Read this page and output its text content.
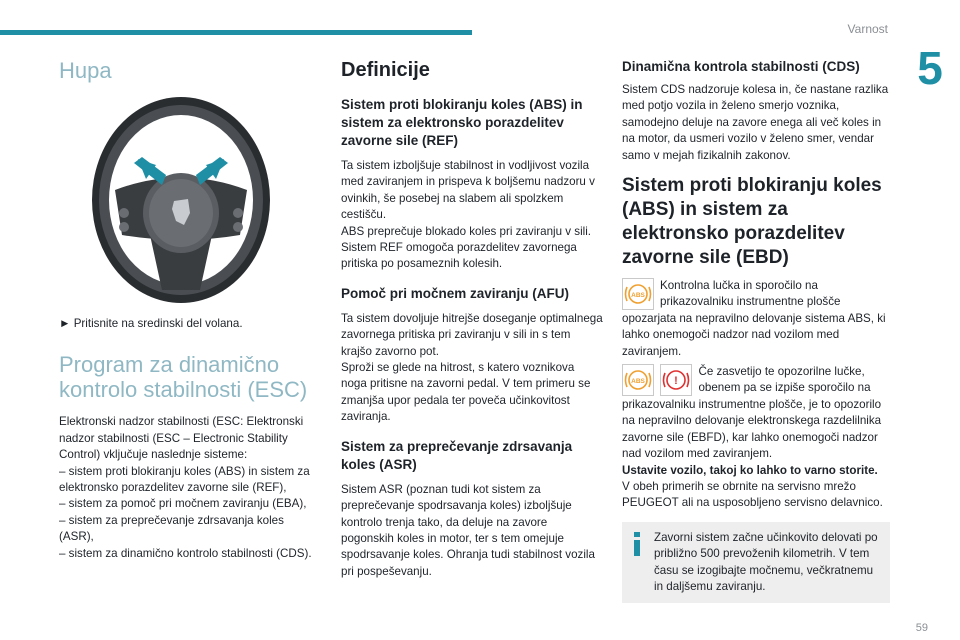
Varnost
5
Hupa
► Pritisnite na sredinski del volana.
Program za dinamično kontrolo stabilnosti (ESC)
Elektronski nadzor stabilnosti (ESC: Elektronski nadzor stabilnosti (ESC – Electronic Stability Control) vključuje naslednje sisteme:
– sistem proti blokiranju koles (ABS) in sistem za elektronsko porazdelitev zavorne sile (REF),
– sistem za pomoč pri močnem zaviranju (EBA),
– sistem za preprečevanje zdrsavanja koles (ASR),
– sistem za dinamično kontrolo stabilnosti (CDS).
Definicije
Sistem proti blokiranju koles (ABS) in sistem za elektronsko porazdelitev zavorne sile (REF)
Ta sistem izboljšuje stabilnost in vodljivost vozila med zaviranjem in prispeva k boljšemu nadzoru v ovinkih, še posebej na slabem ali spolzkem cestišču.
ABS preprečuje blokado koles pri zaviranju v sili. Sistem REF omogoča porazdelitev zavornega pritiska po posameznih kolesih.
Pomoč pri močnem zaviranju (AFU)
Ta sistem dovoljuje hitrejše doseganje optimalnega zavornega pritiska pri zaviranju v sili in s tem krajšo zavorno pot.
Sproži se glede na hitrost, s katero voznikova noga pritisne na zavorni pedal. V tem primeru se zmanjša upor pedala ter poveča učinkovitost zaviranja.
Sistem za preprečevanje zdrsavanja koles (ASR)
Sistem ASR (poznan tudi kot sistem za preprečevanje spodrsavanja koles) izboljšuje kontrolo trenja tako, da deluje na zavore pogonskih koles in motor, ter s tem omejuje spodrsavanje koles. Ohranja tudi stabilnost vozila pri pospeševanju.
Dinamična kontrola stabilnosti (CDS)
Sistem CDS nadzoruje kolesa in, če nastane razlika med potjo vozila in želeno smerjo voznika, samodejno deluje na zavore enega ali več koles in na motor, da usmeri vozilo v želeno smer, vendar samo v mejah fizikalnih zakonov.
Sistem proti blokiranju koles (ABS) in sistem za elektronsko porazdelitev zavorne sile (EBD)
ABS
Kontrolna lučka in sporočilo na prikazovalniku instrumentne plošče opozarjata na nepravilno delovanje sistema ABS, ki lahko onemogoči nadzor nad vozilom med zaviranjem.
ABS
	!
Če zasvetijo te opozorilne lučke, obenem pa se izpiše sporočilo na prikazovalniku instrumentne plošče, je to opozorilo na nepravilno delovanje elektronskega razdelilnika zavorne sile (EBFD), kar lahko onemogoči nadzor nad vozilom med zaviranjem.
Ustavite vozilo, takoj ko lahko to varno storite.
V obeh primerih se obrnite na servisno mrežo PEUGEOT ali na usposobljeno servisno delavnico.
Zavorni sistem začne učinkovito delovati po približno 500 prevoženih kilometrih. V tem času se izogibajte močnemu, večkratnemu in daljšemu zaviranju.
59
